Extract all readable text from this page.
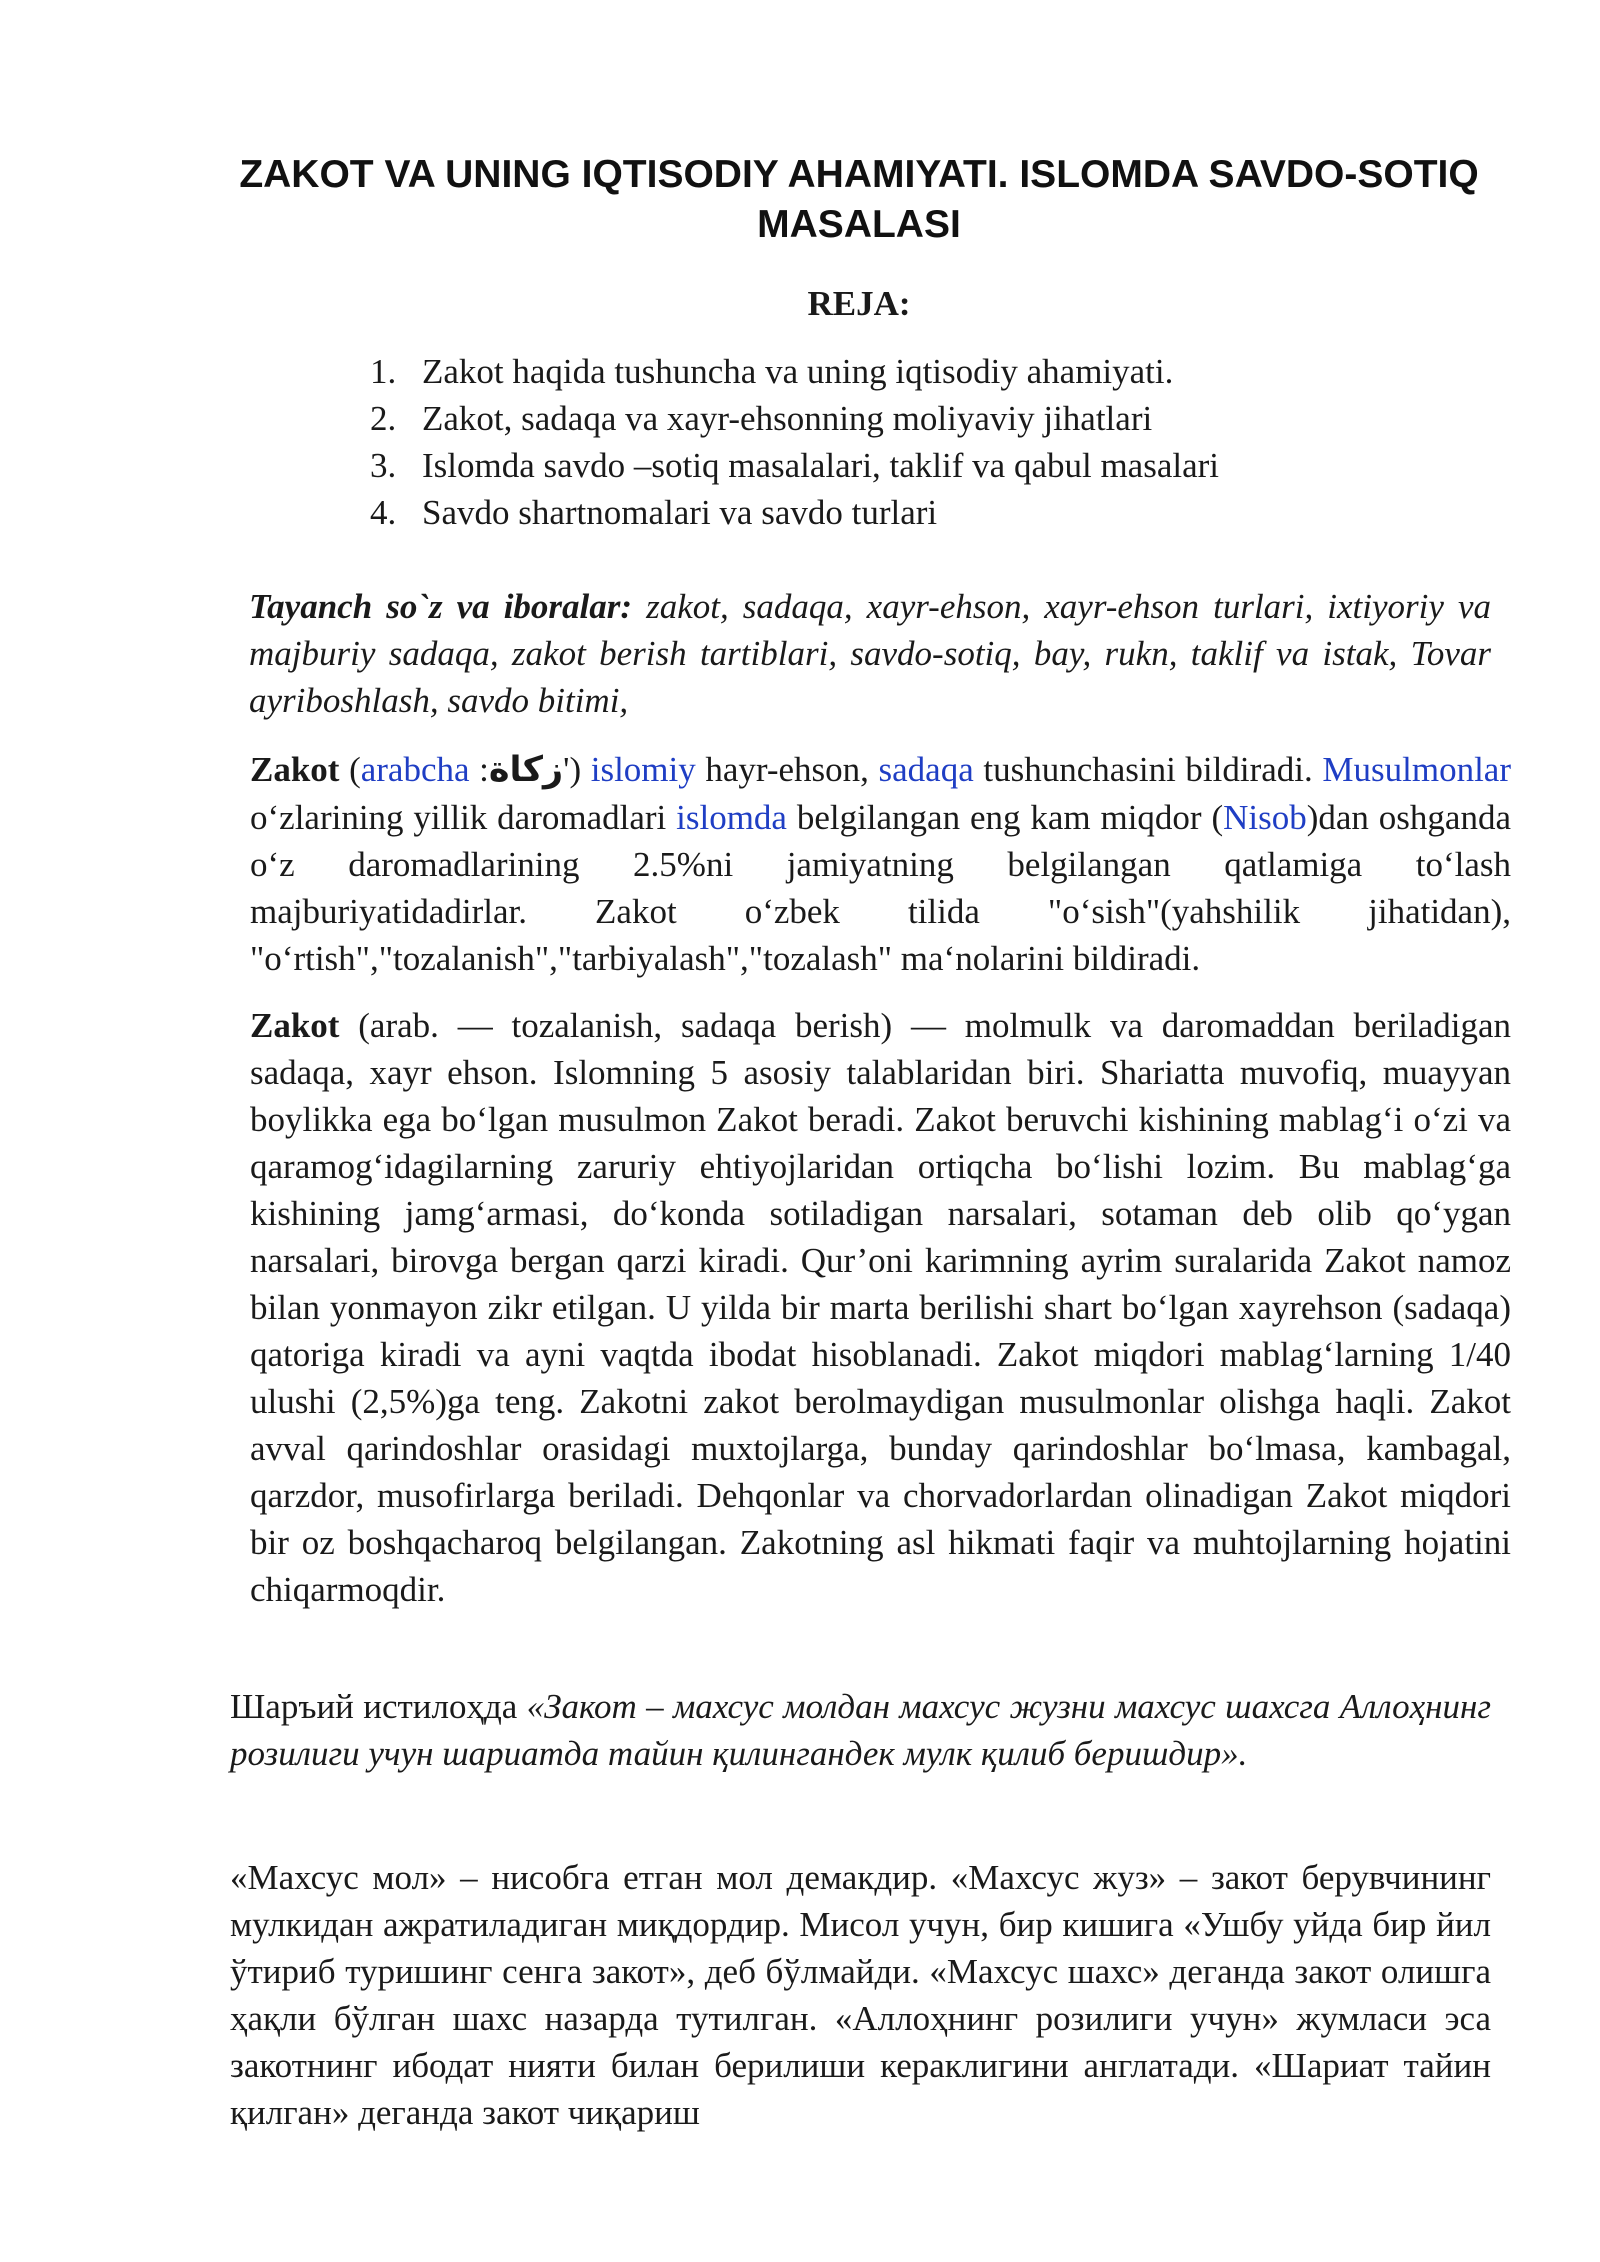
ZAKOT VA UNING IQTISODIY AHAMIYATI. ISLOMDA SAVDO-SOTIQ MASALASI
REJA:
1. Zakot haqida tushuncha va uning iqtisodiy ahamiyati.
2. Zakot, sadaqa va xayr-ehsonning moliyaviy jihatlari
3. Islomda savdo –sotiq masalalari, taklif va qabul masalari
4. Savdo shartnomalari va savdo turlari

Tayanch so`z va iboralar: zakot, sadaqa, xayr-ehson, xayr-ehson turlari, ixtiyoriy va majburiy sadaqa, zakot berish tartiblari, savdo-sotiq, bay, rukn, taklif va istak, Tovar ayriboshlash, savdo bitimi,

Zakot (arabcha :زكاة') islomiy hayr-ehson, sadaqa tushunchasini bildiradi. Musulmonlar oʻzlarining yillik daromadlari islomda belgilangan eng kam miqdor (Nisob)dan oshganda oʻz daromadlarining 2.5%ni jamiyatning belgilangan qatlamiga toʻlash majburiyatidadirlar. Zakot oʻzbek tilida "oʻsish"(yahshilik jihatidan), "oʻrtish","tozalanish","tarbiyalash","tozalash" maʻnolarini bildiradi.

Zakot (arab. — tozalanish, sadaqa berish) — molmulk va daromaddan beriladigan sadaqa, xayr ehson. Islomning 5 asosiy talablaridan biri. Shariatta muvofiq, muayyan boylikka ega boʻlgan musulmon Zakot beradi. Zakot beruvchi kishining mablagʻi oʻzi va qaramogʻidagilarning zaruriy ehtiyojlaridan ortiqcha boʻlishi lozim. Bu mablagʻga kishining jamgʻarmasi, doʻkonda sotiladigan narsalari, sotaman deb olib qoʻygan narsalari, birovga bergan qarzi kiradi. Qur’oni karimning ayrim suralarida Zakot namoz bilan yonmayon zikr etilgan. U yilda bir marta berilishi shart boʻlgan xayrehson (sadaqa) qatoriga kiradi va ayni vaqtda ibodat hisoblanadi. Zakot miqdori mablagʻlarning 1/40 ulushi (2,5%)ga teng. Zakotni zakot berolmaydigan musulmonlar olishga haqli. Zakot avval qarindoshlar orasidagi muxtojlarga, bunday qarindoshlar boʻlmasa, kambagal, qarzdor, musofirlarga beriladi. Dehqonlar va chorvadorlardan olinadigan Zakot miqdori bir oz boshqacharoq belgilangan. Zakotning asl hikmati faqir va muhtojlarning hojatini chiqarmoqdir.

Шаръий истилоҳда «Закот – махсус молдан махсус жузни махсус шахсга Аллоҳнинг розилиги учун шариатда тайин қилингандек мулк қилиб беришдир».

«Махсус мол» – нисобга етган мол демакдир. «Махсус жуз» – закот берувчининг мулкидан ажратиладиган миқдордир. Мисол учун, бир кишига «Ушбу уйда бир йил ўтириб туришинг сенга закот», деб бўлмайди. «Махсус шахс» деганда закот олишга ҳақли бўлган шахс назарда тутилган. «Аллоҳнинг розилиги учун» жумласи эса закотнинг ибодат нияти билан берилиши кераклигини англатади. «Шариат тайин қилган» деганда закот чиқариш
